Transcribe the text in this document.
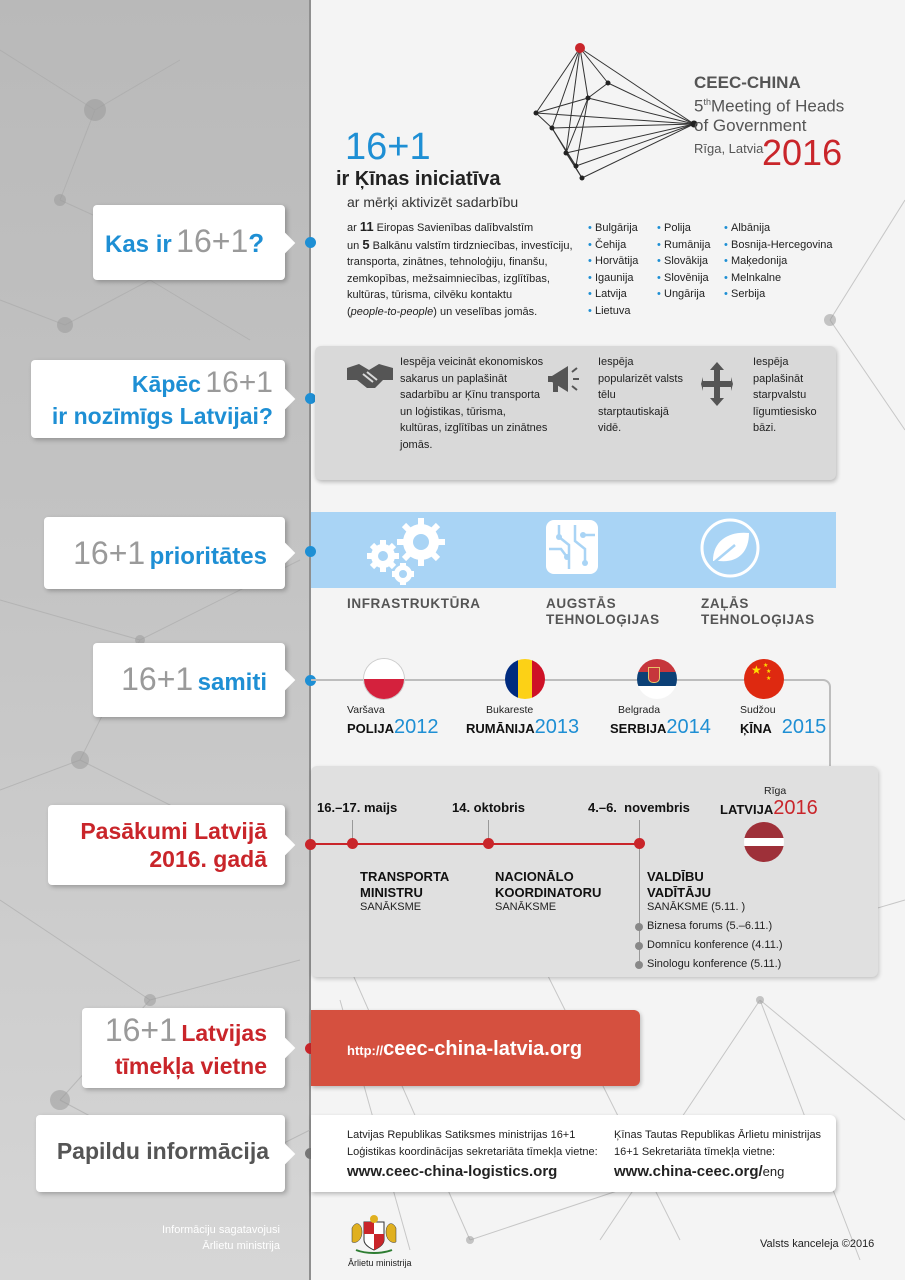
CEEC-CHINA
5thMeeting of Heads
of Government
Rīga, Latvia
2016
16+1
ir Ķīnas iniciatīva
ar mērķi aktivizēt sadarbību
Kas ir 16+1?	ar 11 Eiropas Savienības dalībvalstīm
un 5 Balkānu valstīm tirdzniecības, investīciju,
transporta, zinātnes, tehnoloģiju, finanšu,
zemkopības, mežsaimniecības, izglītības,
kultūras, tūrisma, cilvēku kontaktu
(people-to-people) un veselības jomās.
• Bulgārija
• Čehija
• Horvātija
• Igaunija
• Latvija
• Lietuva
• Polija
• Rumānija
• Slovākija
• Slovēnija
• Ungārija
• Albānija
• Bosnija-Hercegovina
• Maķedonija
• Melnkalne
• Serbija
Kāpēc 16+1
ir nozīmīgs Latvijai?
Iespēja veicināt ekonomiskos sakarus un paplašināt sadarbību ar Ķīnu transporta un loģistikas, tūrisma, kultūras, izglītības un zinātnes jomās.
Iespēja popularizēt valsts tēlu starptautiskajā vidē.
Iespēja paplašināt starpvalstu līgumtiesisko bāzi.
16+1 prioritātes
INFRASTRUKTŪRA	AUGSTĀS
TEHNOLOĢIJAS
ZAĻĀS
TEHNOLOĢIJAS
16+1 samiti	★ ★
★
★
Varšava
POLIJA2012
Bukareste
RUMĀNIJA2013
Belgrada
SERBIJA2014
Sudžou
ĶĪNA 2015
Pasākumi Latvijā
2016. gadā
Rīga
LATVIJA2016
16.–17. maijs
TRANSPORTA
MINISTRU
SANĀKSME
14. oktobris
NACIONĀLO
KOORDINATORU
SANĀKSME
4.–6.  novembris
VALDĪBU
VADĪTĀJU
SANĀKSME (5.11. )
Biznesa forums (5.–6.11.)
Domnīcu konference (4.11.)
Sinologu konference (5.11.)
16+1 Latvijas
tīmekļa vietne
http://ceec-china-latvia.org
Papildu informācija
Latvijas Republikas Satiksmes ministrijas 16+1
Loģistikas koordinācijas sekretariāta tīmekļa vietne:
www.ceec-china-logistics.org
Ķīnas Tautas Republikas Ārlietu ministrijas
16+1 Sekretariāta tīmekļa vietne:
www.china-ceec.org/eng
Informāciju sagatavojusi
Ārlietu ministrija
Ārlietu ministrija
Valsts kanceleja ©2016
